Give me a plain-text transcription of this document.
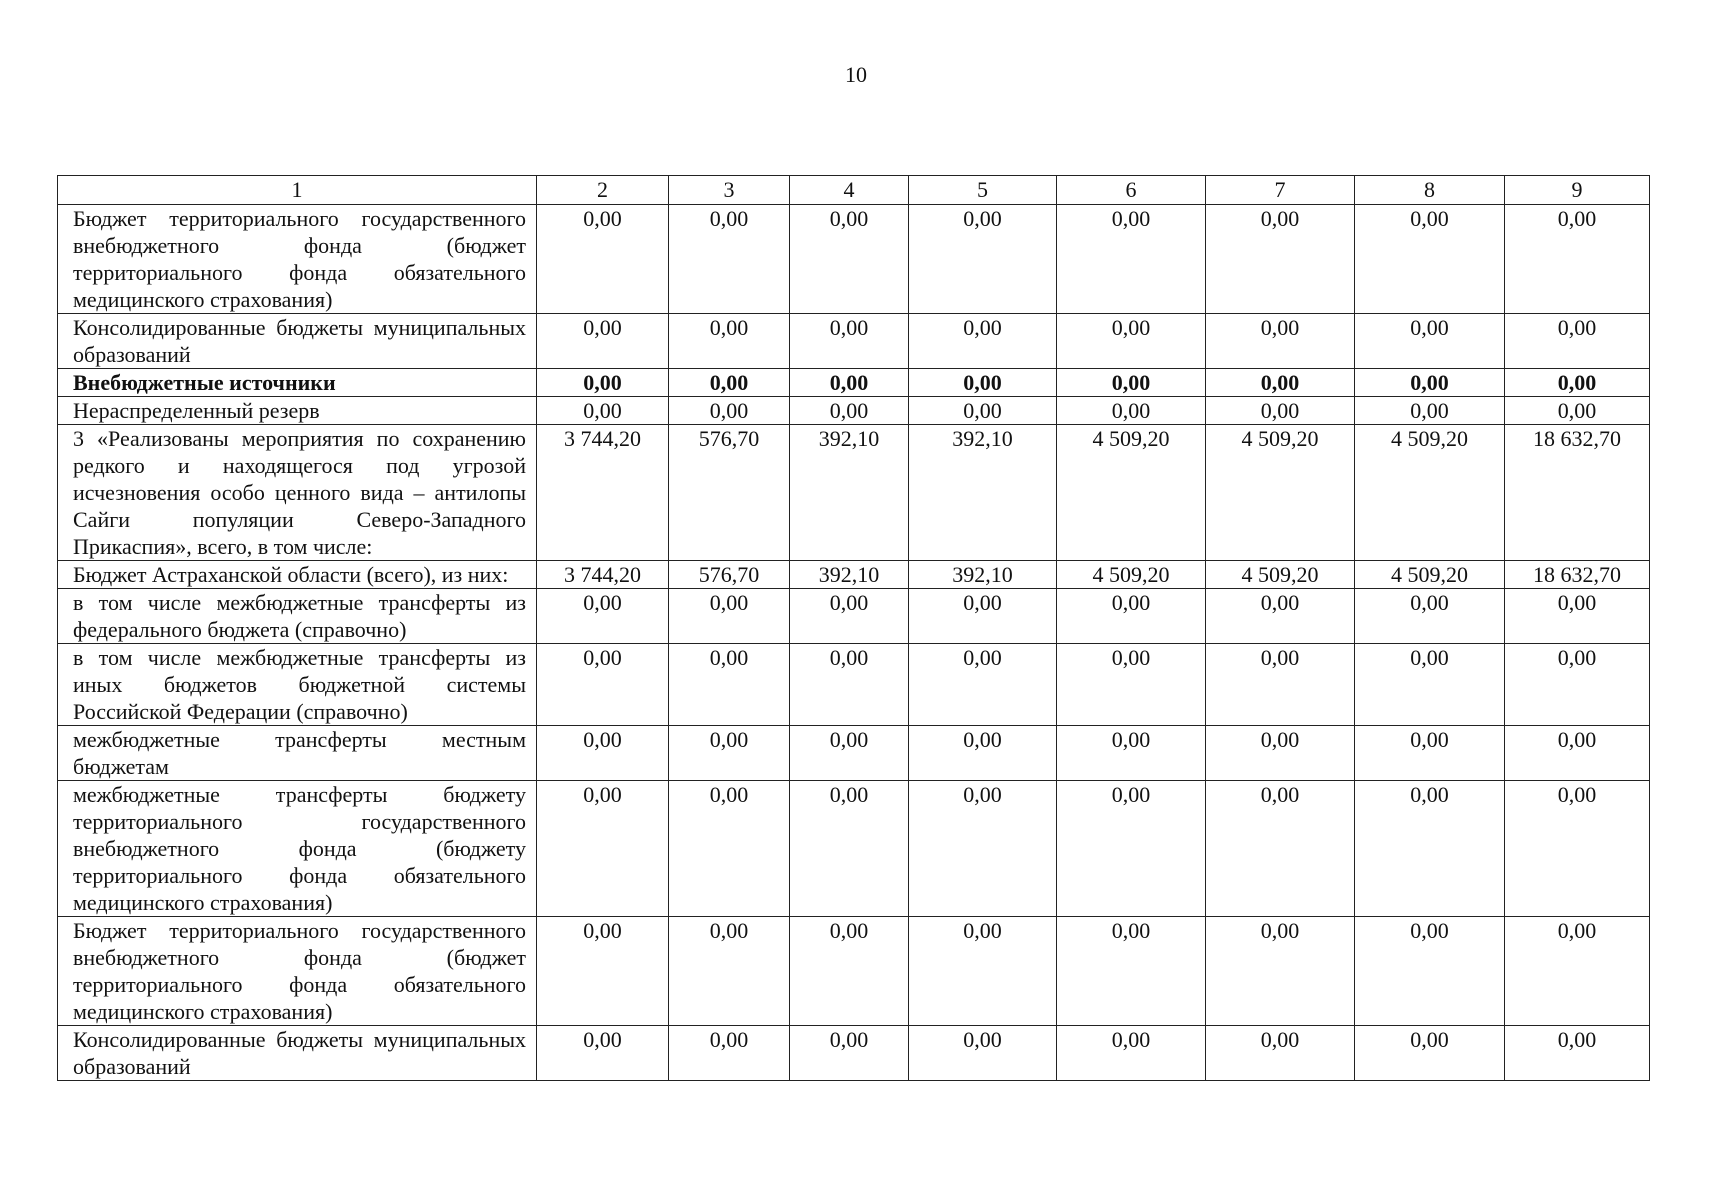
10
1	2	3	4	5	6	7	8	9
Бюджет территориального государственного внебюджетного фонда (бюджет территориального фонда обязательного медицинского страхования)	0,00	0,00	0,00	0,00	0,00	0,00	0,00	0,00
Консолидированные бюджеты муниципальных образований	0,00	0,00	0,00	0,00	0,00	0,00	0,00	0,00
Внебюджетные источники	0,00	0,00	0,00	0,00	0,00	0,00	0,00	0,00
Нераспределенный резерв	0,00	0,00	0,00	0,00	0,00	0,00	0,00	0,00
3 «Реализованы мероприятия по сохранению редкого и находящегося под угрозой исчезновения особо ценного вида – антилопы Сайги популяции Северо-Западного Прикаспия», всего, в том числе:	3 744,20	576,70	392,10	392,10	4 509,20	4 509,20	4 509,20	18 632,70
Бюджет Астраханской области (всего), из них:	3 744,20	576,70	392,10	392,10	4 509,20	4 509,20	4 509,20	18 632,70
в том числе межбюджетные трансферты из федерального бюджета (справочно)	0,00	0,00	0,00	0,00	0,00	0,00	0,00	0,00
в том числе межбюджетные трансферты из иных бюджетов бюджетной системы Российской Федерации (справочно)	0,00	0,00	0,00	0,00	0,00	0,00	0,00	0,00
межбюджетные трансферты местным бюджетам	0,00	0,00	0,00	0,00	0,00	0,00	0,00	0,00
межбюджетные трансферты бюджету территориального государственного внебюджетного фонда (бюджету территориального фонда обязательного медицинского страхования)	0,00	0,00	0,00	0,00	0,00	0,00	0,00	0,00
Бюджет территориального государственного внебюджетного фонда (бюджет территориального фонда обязательного медицинского страхования)	0,00	0,00	0,00	0,00	0,00	0,00	0,00	0,00
Консолидированные бюджеты муниципальных образований	0,00	0,00	0,00	0,00	0,00	0,00	0,00	0,00
